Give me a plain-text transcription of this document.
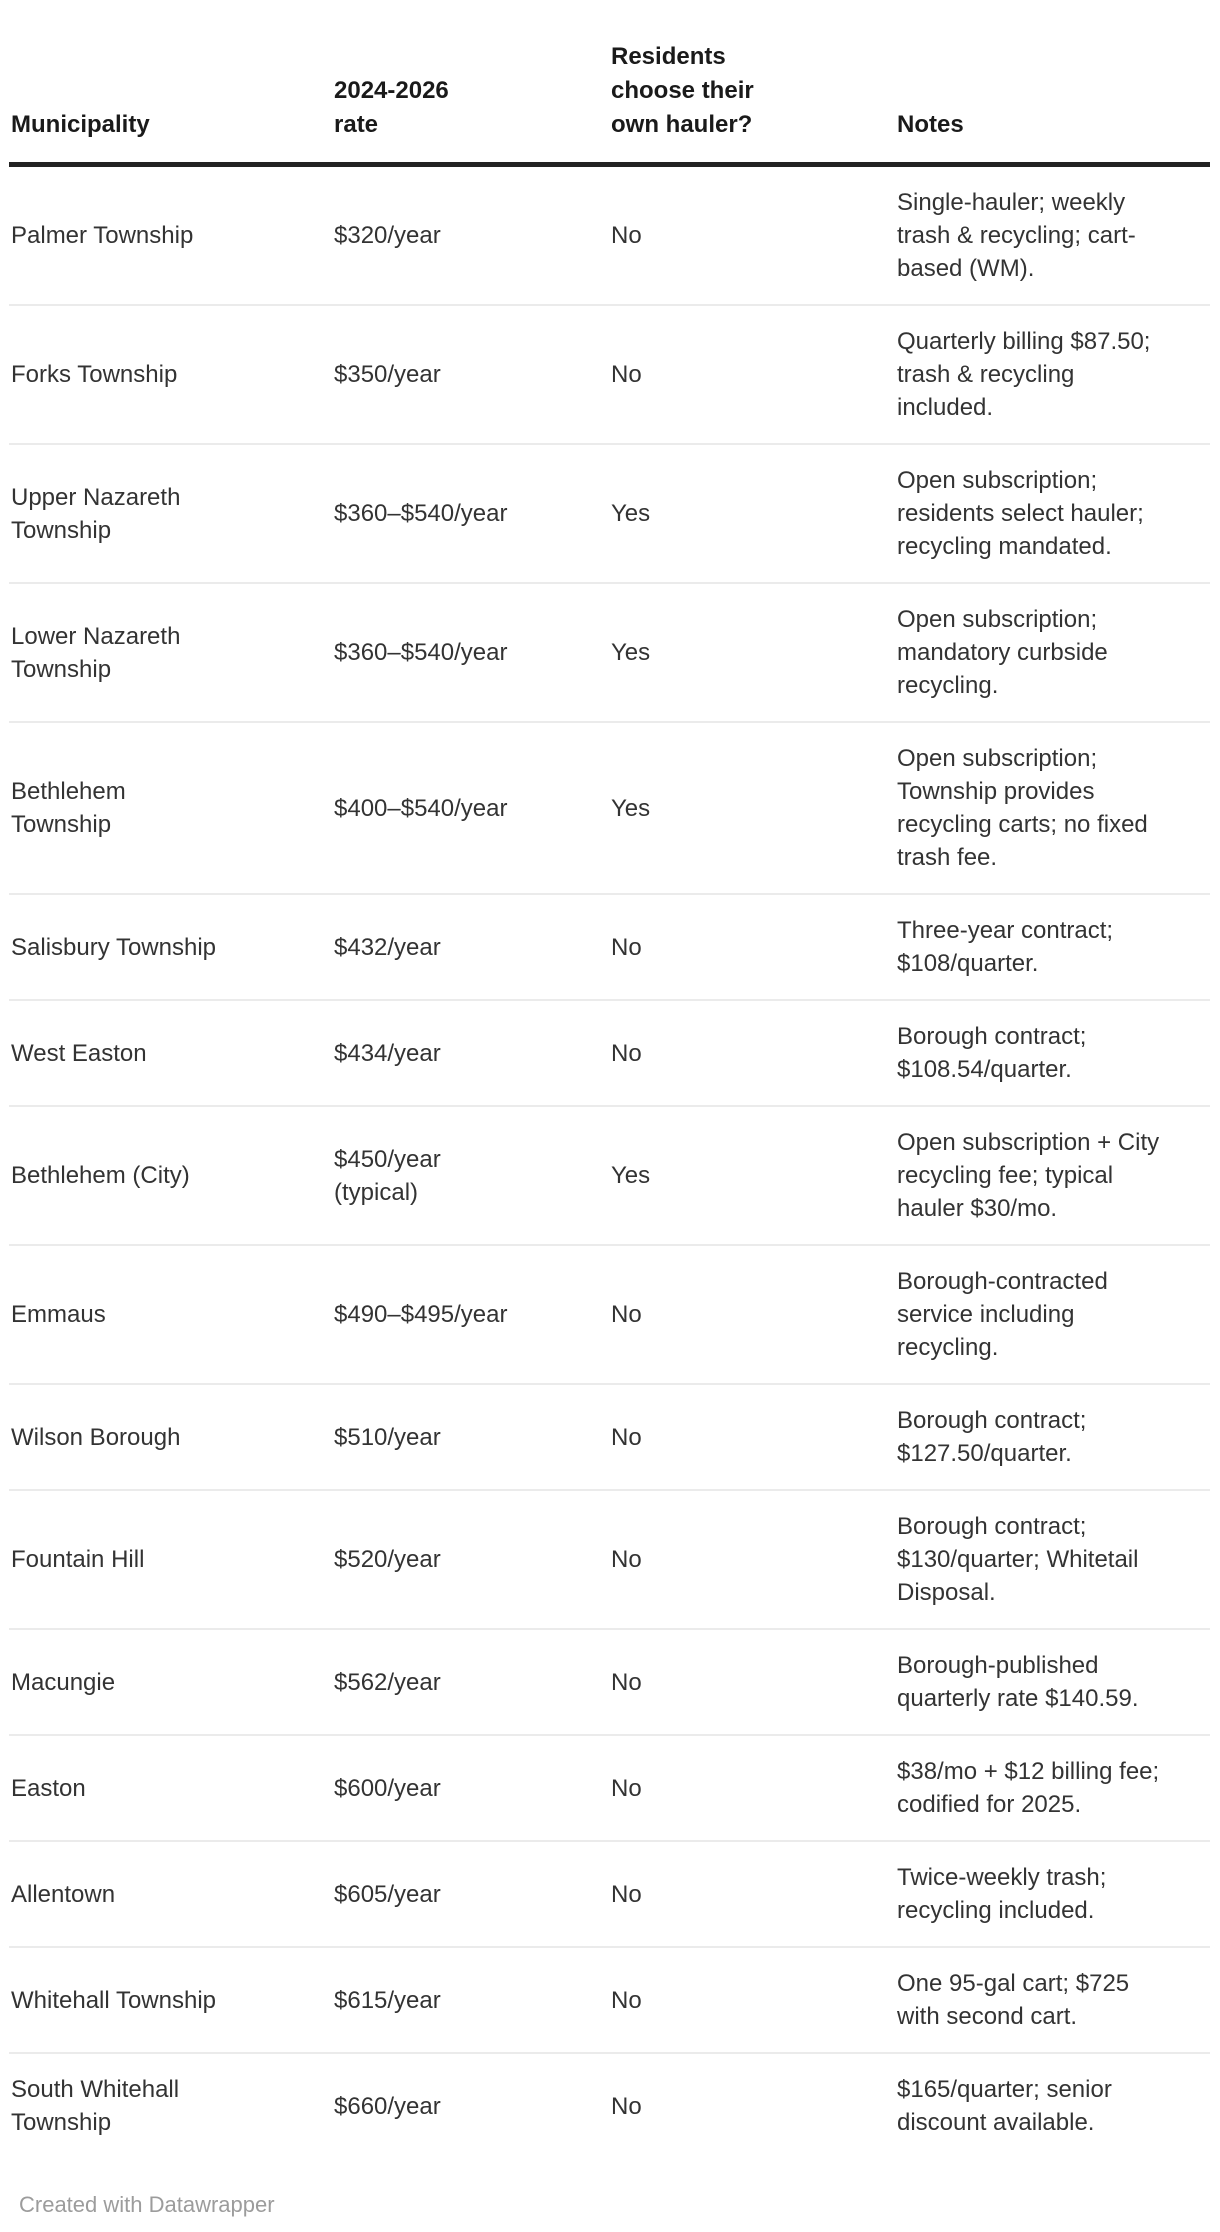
Municipality	2024-2026 rate	Residents choose their own hauler?	Notes
Palmer Township	$320/year	No	Single-hauler; weekly trash & recycling; cart-based (WM).
Forks Township	$350/year	No	Quarterly billing $87.50; trash & recycling included.
Upper Nazareth Township	$360–$540/year	Yes	Open subscription; residents select hauler; recycling mandated.
Lower Nazareth Township	$360–$540/year	Yes	Open subscription; mandatory curbside recycling.
Bethlehem Township	$400–$540/year	Yes	Open subscription; Township provides recycling carts; no fixed trash fee.
Salisbury Township	$432/year	No	Three-year contract; $108/quarter.
West Easton	$434/year	No	Borough contract; $108.54/quarter.
Bethlehem (City)	$450/year (typical)	Yes	Open subscription + City recycling fee; typical hauler $30/mo.
Emmaus	$490–$495/year	No	Borough-contracted service including recycling.
Wilson Borough	$510/year	No	Borough contract; $127.50/quarter.
Fountain Hill	$520/year	No	Borough contract; $130/quarter; Whitetail Disposal.
Macungie	$562/year	No	Borough-published quarterly rate $140.59.
Easton	$600/year	No	$38/mo + $12 billing fee; codified for 2025.
Allentown	$605/year	No	Twice-weekly trash; recycling included.
Whitehall Township	$615/year	No	One 95-gal cart; $725 with second cart.
South Whitehall Township	$660/year	No	$165/quarter; senior discount available.
Created with Datawrapper
